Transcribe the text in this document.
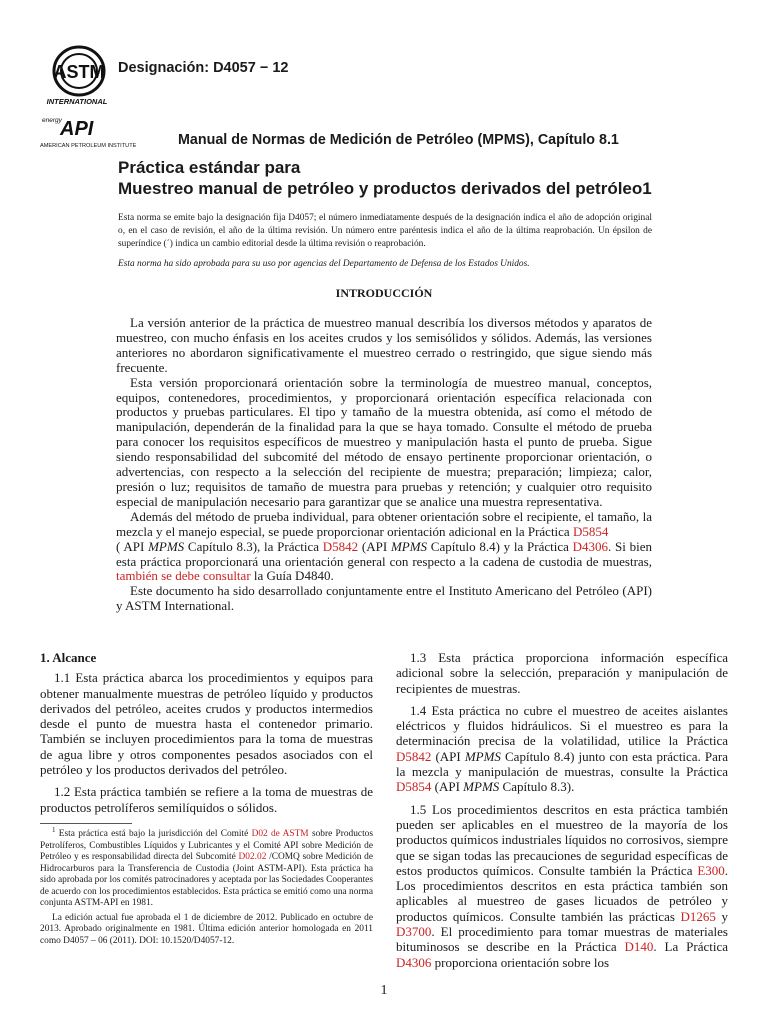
ASTM
INTERNATIONAL
Designación: D4057 − 12
energy
API
AMERICAN PETROLEUM INSTITUTE	Manual de Normas de Medición de Petróleo (MPMS), Capítulo 8.1
Práctica estándar para
Muestreo manual de petróleo y productos derivados del petróleo1
Esta norma se emite bajo la designación fija D4057; el número inmediatamente después de la designación indica el año de adopción original o, en el caso de revisión, el año de la última revisión. Un número entre paréntesis indica el año de la última reaprobación. Un épsilon de superíndice (´) indica un cambio editorial desde la última revisión o reaprobación.
Esta norma ha sido aprobada para su uso por agencias del Departamento de Defensa de los Estados Unidos.
INTRODUCCIÓN

La versión anterior de la práctica de muestreo manual describía los diversos métodos y aparatos de muestreo, con mucho énfasis en los aceites crudos y los semisólidos y sólidos. Además, las versiones anteriores no abordaron significativamente el muestreo cerrado o restringido, que sigue siendo más frecuente.

Esta versión proporcionará orientación sobre la terminología de muestreo manual, conceptos, equipos, contenedores, procedimientos, y proporcionará orientación específica relacionada con productos y pruebas particulares. El tipo y tamaño de la muestra obtenida, así como el método de manipulación, dependerán de la finalidad para la que se haya tomado. Consulte el método de prueba para conocer los requisitos específicos de muestreo y manipulación hasta el punto de prueba. Sigue siendo responsabilidad del subcomité del método de ensayo pertinente proporcionar orientación, o advertencias, con respecto a la selección del recipiente de muestra; preparación; limpieza; calor, presión o luz; requisitos de tamaño de muestra para pruebas y retención; y cualquier otro requisito especial de manipulación necesario para garantizar que se analice una muestra representativa.

Además del método de prueba individual, para obtener orientación sobre el recipiente, el tamaño, la mezcla y el manejo especial, se puede proporcionar orientación adicional en la Práctica D5854
( API MPMS Capítulo 8.3), la Práctica D5842 (API MPMS Capítulo 8.4) y la Práctica D4306. Si bien esta práctica proporcionará una orientación general con respecto a la cadena de custodia de muestras, también se debe consultar la Guía D4840.

Este documento ha sido desarrollado conjuntamente entre el Instituto Americano del Petróleo (API) y ASTM International.

1. Alcance

1.1 Esta práctica abarca los procedimientos y equipos para obtener manualmente muestras de petróleo líquido y productos derivados del petróleo, aceites crudos y productos intermedios desde el punto de muestra hasta el contenedor primario. También se incluyen procedimientos para la toma de muestras de agua libre y otros componentes pesados asociados con el petróleo y los productos derivados del petróleo.

1.2 Esta práctica también se refiere a la toma de muestras de productos petrolíferos semilíquidos o sólidos.

$^1$ Esta práctica está bajo la jurisdicción del Comité D02 de ASTM sobre Productos Petrolíferos, Combustibles Líquidos y Lubricantes y el Comité API sobre Medición de Petróleo y es responsabilidad directa del Subcomité D02.02 /COMQ sobre Medición de Hidrocarburos para la Transferencia de Custodia (Joint ASTM-API). Esta práctica ha sido aprobada por los comités patrocinadores y aceptada por las Sociedades Cooperantes de acuerdo con los procedimientos establecidos. Esta práctica se emitió como una norma conjunta ASTM-API en 1981.

La edición actual fue aprobada el 1 de diciembre de 2012. Publicado en octubre de 2013. Aprobado originalmente en 1981. Última edición anterior homologada en 2011 como D4057 – 06 (2011). DOI: 10.1520/D4057-12.

1.3 Esta práctica proporciona información específica adicional sobre la selección, preparación y manipulación de recipientes de muestras.

1.4 Esta práctica no cubre el muestreo de aceites aislantes eléctricos y fluidos hidráulicos. Si el muestreo es para la determinación precisa de la volatilidad, utilice la Práctica D5842 (API MPMS Capítulo 8.4) junto con esta práctica. Para la mezcla y manipulación de muestras, consulte la Práctica D5854 (API MPMS Capítulo 8.3).

1.5 Los procedimientos descritos en esta práctica también pueden ser aplicables en el muestreo de la mayoría de los productos químicos industriales líquidos no corrosivos, siempre que se sigan todas las precauciones de seguridad específicas de estos productos químicos. Consulte también la Práctica E300. Los procedimientos descritos en esta práctica también son aplicables al muestreo de gases licuados de petróleo y productos químicos. Consulte también las prácticas D1265 y D3700. El procedimiento para tomar muestras de materiales bituminosos se describe en la Práctica D140. La Práctica D4306 proporciona orientación sobre los

1
